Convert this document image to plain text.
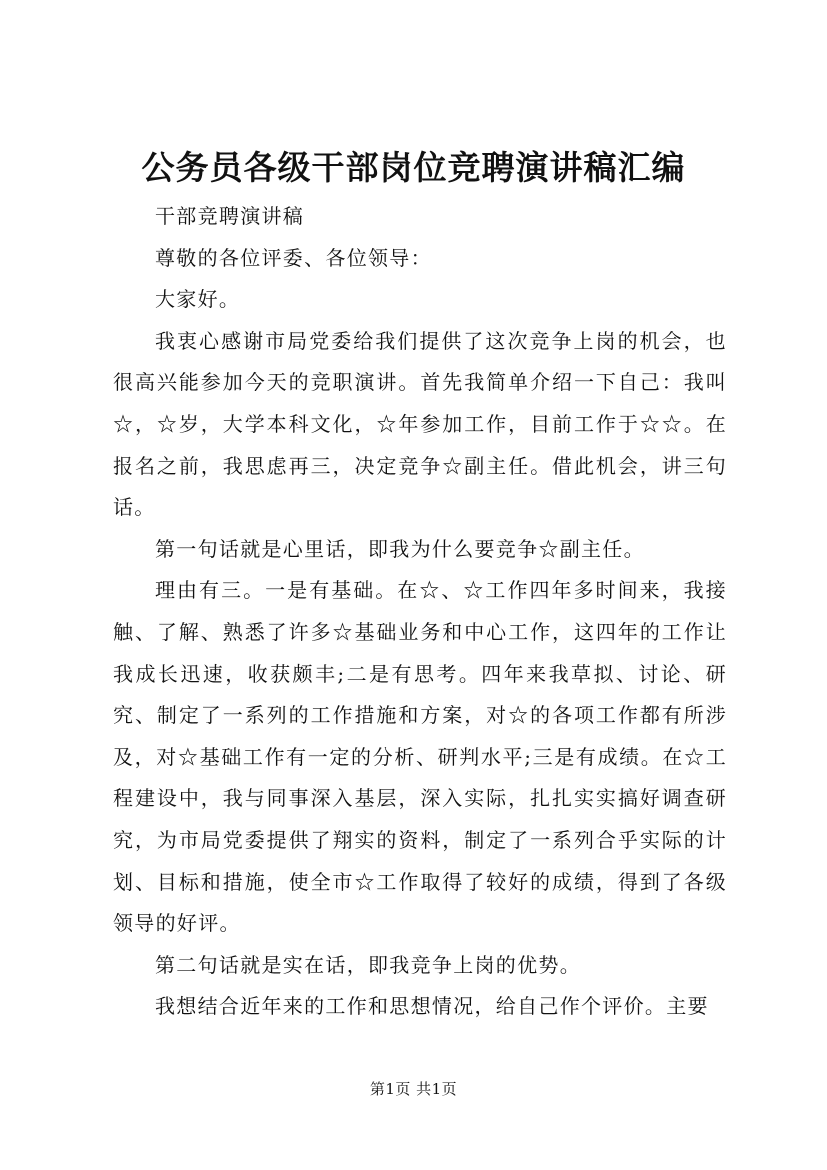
公务员各级干部岗位竞聘演讲稿汇编

干部竞聘演讲稿

尊敬的各位评委、各位领导：

大家好。

我衷心感谢市局党委给我们提供了这次竞争上岗的机会，也很高兴能参加今天的竞职演讲。首先我简单介绍一下自己：我叫☆，☆岁，大学本科文化，☆年参加工作，目前工作于☆☆。在报名之前，我思虑再三，决定竞争☆副主任。借此机会，讲三句话。

第一句话就是心里话，即我为什么要竞争☆副主任。

理由有三。一是有基础。在☆、☆工作四年多时间来，我接触、了解、熟悉了许多☆基础业务和中心工作，这四年的工作让我成长迅速，收获颇丰;二是有思考。四年来我草拟、讨论、研究、制定了一系列的工作措施和方案，对☆的各项工作都有所涉及，对☆基础工作有一定的分析、研判水平;三是有成绩。在☆工程建设中，我与同事深入基层，深入实际，扎扎实实搞好调查研究，为市局党委提供了翔实的资料，制定了一系列合乎实际的计划、目标和措施，使全市☆工作取得了较好的成绩，得到了各级领导的好评。

第二句话就是实在话，即我竞争上岗的优势。

我想结合近年来的工作和思想情况，给自己作个评价。主要

第1页 共1页
